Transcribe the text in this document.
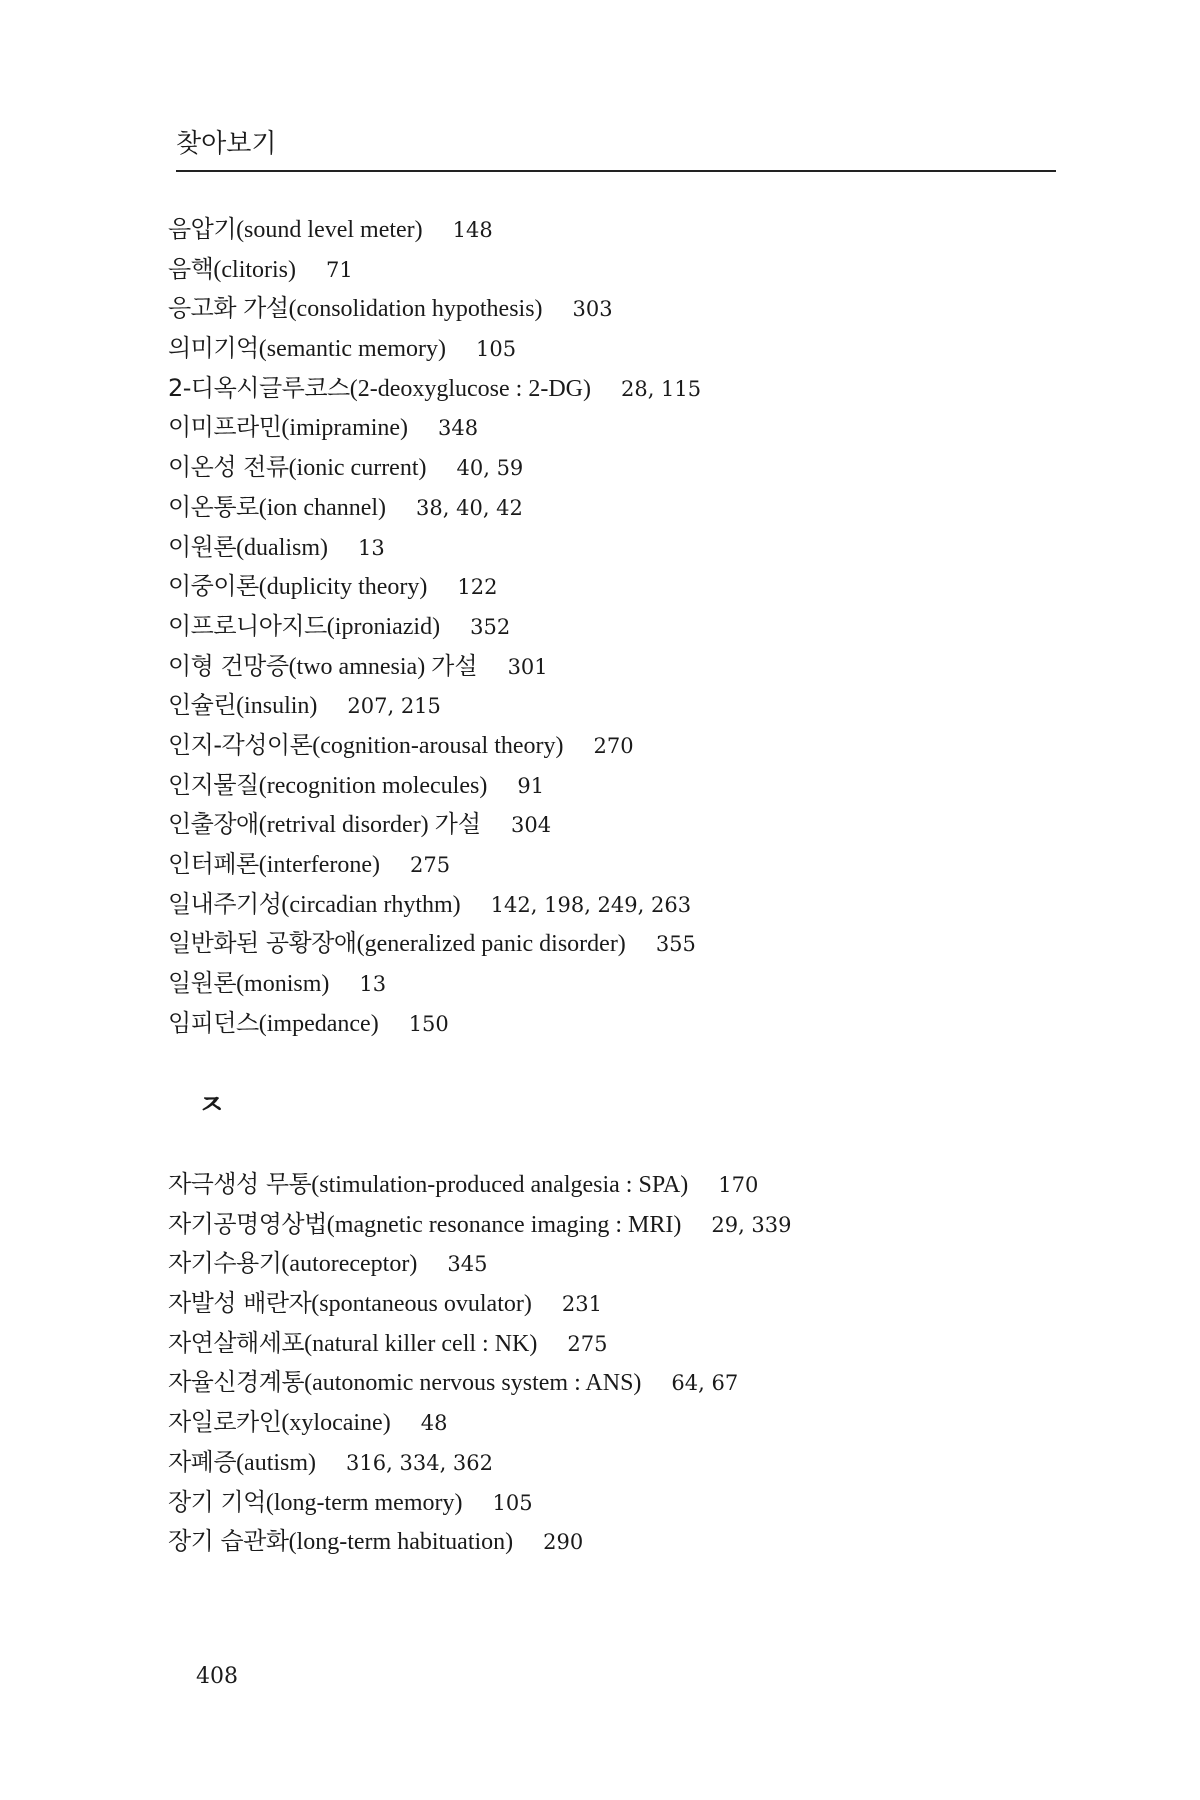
찾아보기
음압기(sound level meter) 148
음핵(clitoris) 71
응고화 가설(consolidation hypothesis) 303
의미기억(semantic memory) 105
2-디옥시글루코스(2-deoxyglucose : 2-DG) 28, 115
이미프라민(imipramine) 348
이온성 전류(ionic current) 40, 59
이온통로(ion channel) 38, 40, 42
이원론(dualism) 13
이중이론(duplicity theory) 122
이프로니아지드(iproniazid) 352
이형 건망증(two amnesia) 가설 301
인슐린(insulin) 207, 215
인지-각성이론(cognition-arousal theory) 270
인지물질(recognition molecules) 91
인출장애(retrival disorder) 가설 304
인터페론(interferone) 275
일내주기성(circadian rhythm) 142, 198, 249, 263
일반화된 공황장애(generalized panic disorder) 355
일원론(monism) 13
임피던스(impedance) 150
ㅈ
자극생성 무통(stimulation-produced analgesia : SPA) 170
자기공명영상법(magnetic resonance imaging : MRI) 29, 339
자기수용기(autoreceptor) 345
자발성 배란자(spontaneous ovulator) 231
자연살해세포(natural killer cell : NK) 275
자율신경계통(autonomic nervous system : ANS) 64, 67
자일로카인(xylocaine) 48
자폐증(autism) 316, 334, 362
장기 기억(long-term memory) 105
장기 습관화(long-term habituation) 290
408
